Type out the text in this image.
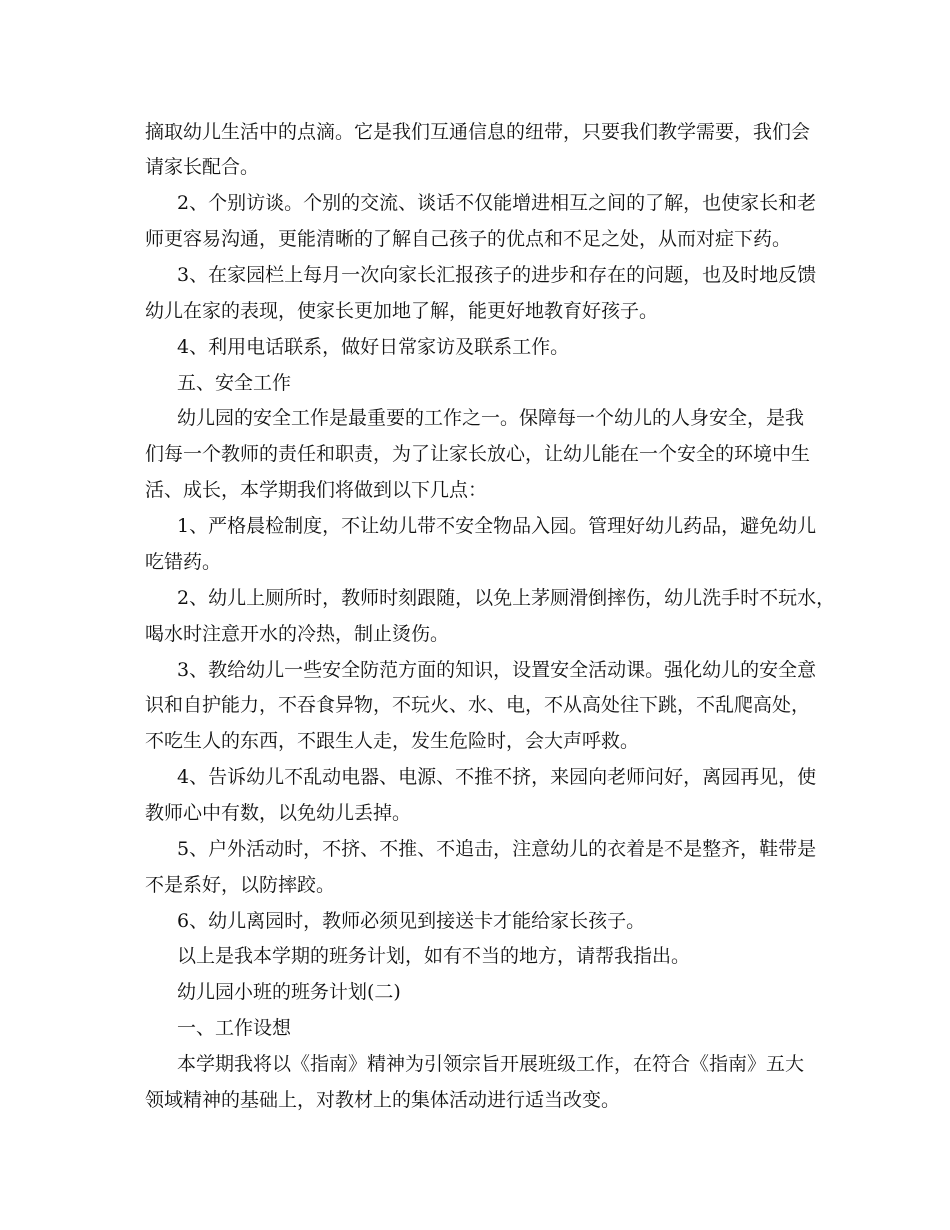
摘取幼儿生活中的点滴。它是我们互通信息的纽带，只要我们教学需要，我们会
请家长配合。
2、个别访谈。个别的交流、谈话不仅能增进相互之间的了解，也使家长和老
师更容易沟通，更能清晰的了解自己孩子的优点和不足之处，从而对症下药。
3、在家园栏上每月一次向家长汇报孩子的进步和存在的问题，也及时地反馈
幼儿在家的表现，使家长更加地了解，能更好地教育好孩子。
4、利用电话联系，做好日常家访及联系工作。
五、安全工作
幼儿园的安全工作是最重要的工作之一。保障每一个幼儿的人身安全，是我
们每一个教师的责任和职责，为了让家长放心，让幼儿能在一个安全的环境中生
活、成长，本学期我们将做到以下几点：
1、严格晨检制度，不让幼儿带不安全物品入园。管理好幼儿药品，避免幼儿
吃错药。
2、幼儿上厕所时，教师时刻跟随，以免上茅厕滑倒摔伤，幼儿洗手时不玩水，
喝水时注意开水的冷热，制止烫伤。
3、教给幼儿一些安全防范方面的知识，设置安全活动课。强化幼儿的安全意
识和自护能力，不吞食异物，不玩火、水、电，不从高处往下跳，不乱爬高处，
不吃生人的东西，不跟生人走，发生危险时，会大声呼救。
4、告诉幼儿不乱动电器、电源、不推不挤，来园向老师问好，离园再见，使
教师心中有数，以免幼儿丢掉。
5、户外活动时，不挤、不推、不追击，注意幼儿的衣着是不是整齐，鞋带是
不是系好，以防摔跤。
6、幼儿离园时，教师必须见到接送卡才能给家长孩子。
以上是我本学期的班务计划，如有不当的地方，请帮我指出。
幼儿园小班的班务计划(二)
一、工作设想
本学期我将以《指南》精神为引领宗旨开展班级工作，在符合《指南》五大
领域精神的基础上，对教材上的集体活动进行适当改变。
